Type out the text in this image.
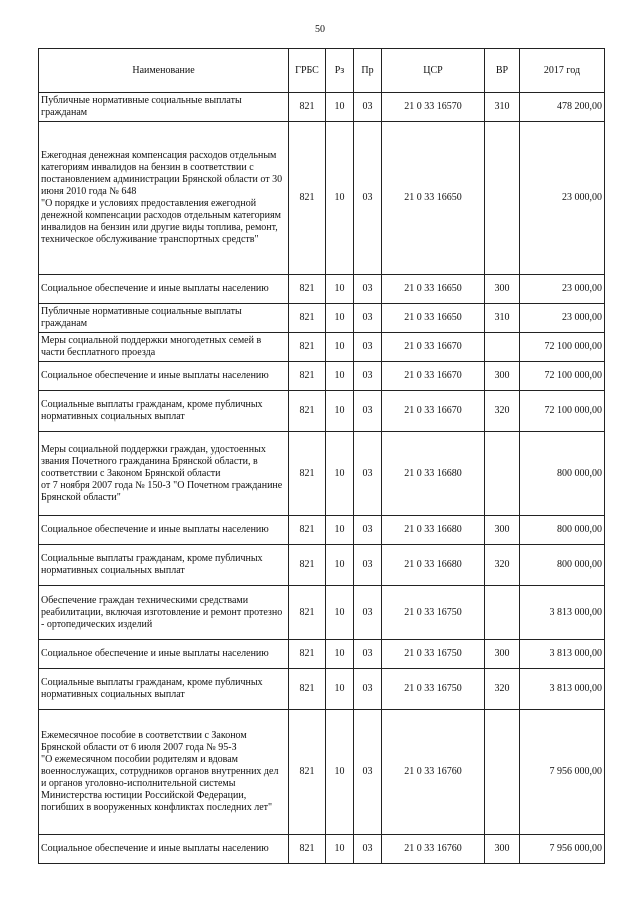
50
Наименование	ГРБС	Рз	Пр	ЦСР	ВР	2017 год
Публичные нормативные социальные выплаты гражданам	821	10	03	21 0 33 16570	310	478 200,00
Ежегодная денежная компенсация расходов отдельным категориям инвалидов на бензин в соответствии с постановлением администрации Брянской области от 30 июня 2010 года № 648
"О порядке и условиях предоставления ежегодной денежной компенсации расходов отдельным категориям инвалидов на бензин или другие виды топлива, ремонт, техническое обслуживание транспортных средств"	821	10	03	21 0 33 16650		23 000,00
Социальное обеспечение и иные выплаты населению	821	10	03	21 0 33 16650	300	23 000,00
Публичные нормативные социальные выплаты гражданам	821	10	03	21 0 33 16650	310	23 000,00
Меры социальной поддержки многодетных семей в части бесплатного проезда	821	10	03	21 0 33 16670		72 100 000,00
Социальное обеспечение и иные выплаты населению	821	10	03	21 0 33 16670	300	72 100 000,00
Социальные выплаты гражданам, кроме публичных нормативных социальных выплат	821	10	03	21 0 33 16670	320	72 100 000,00
Меры социальной поддержки граждан, удостоенных звания Почетного гражданина Брянской области, в соответствии с Законом Брянской области
от 7 ноября 2007 года № 150-З "О Почетном гражданине Брянской области"	821	10	03	21 0 33 16680		800 000,00
Социальное обеспечение и иные выплаты населению	821	10	03	21 0 33 16680	300	800 000,00
Социальные выплаты гражданам, кроме публичных нормативных социальных выплат	821	10	03	21 0 33 16680	320	800 000,00
Обеспечение граждан техническими средствами реабилитации, включая изготовление и ремонт протезно - ортопедических изделий	821	10	03	21 0 33 16750		3 813 000,00
Социальное обеспечение и иные выплаты населению	821	10	03	21 0 33 16750	300	3 813 000,00
Социальные выплаты гражданам, кроме публичных нормативных социальных выплат	821	10	03	21 0 33 16750	320	3 813 000,00
Ежемесячное пособие в соответствии с Законом Брянской области от 6 июля 2007 года № 95-З
"О ежемесячном пособии родителям и вдовам военнослужащих, сотрудников органов внутренних дел и органов уголовно-исполнительной системы Министерства юстиции Российской Федерации, погибших в вооруженных конфликтах последних лет"	821	10	03	21 0 33 16760		7 956 000,00
Социальное обеспечение и иные выплаты населению	821	10	03	21 0 33 16760	300	7 956 000,00
